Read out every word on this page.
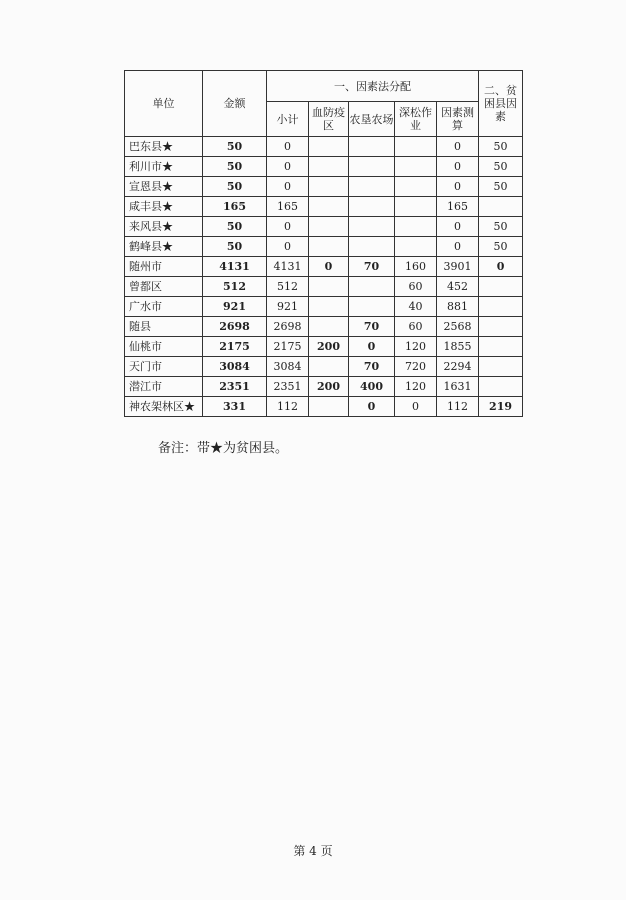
单位	金额	一、因素法分配					二、贫困县因素
		小计	血防疫区	农垦农场	深松作业	因素测算	
巴东县★	50	0				0	50
利川市★	50	0				0	50
宣恩县★	50	0				0	50
咸丰县★	165	165				165	
来风县★	50	0				0	50
鹤峰县★	50	0				0	50
随州市	4131	4131	0	70	160	3901	0
曾都区	512	512			60	452	
广水市	921	921			40	881	
随县	2698	2698		70	60	2568	
仙桃市	2175	2175	200	0	120	1855	
天门市	3084	3084		70	720	2294	
潜江市	2351	2351	200	400	120	1631	
神农架林区★	331	112		0	0	112	219
备注：带★为贫困县。
第 4 页
